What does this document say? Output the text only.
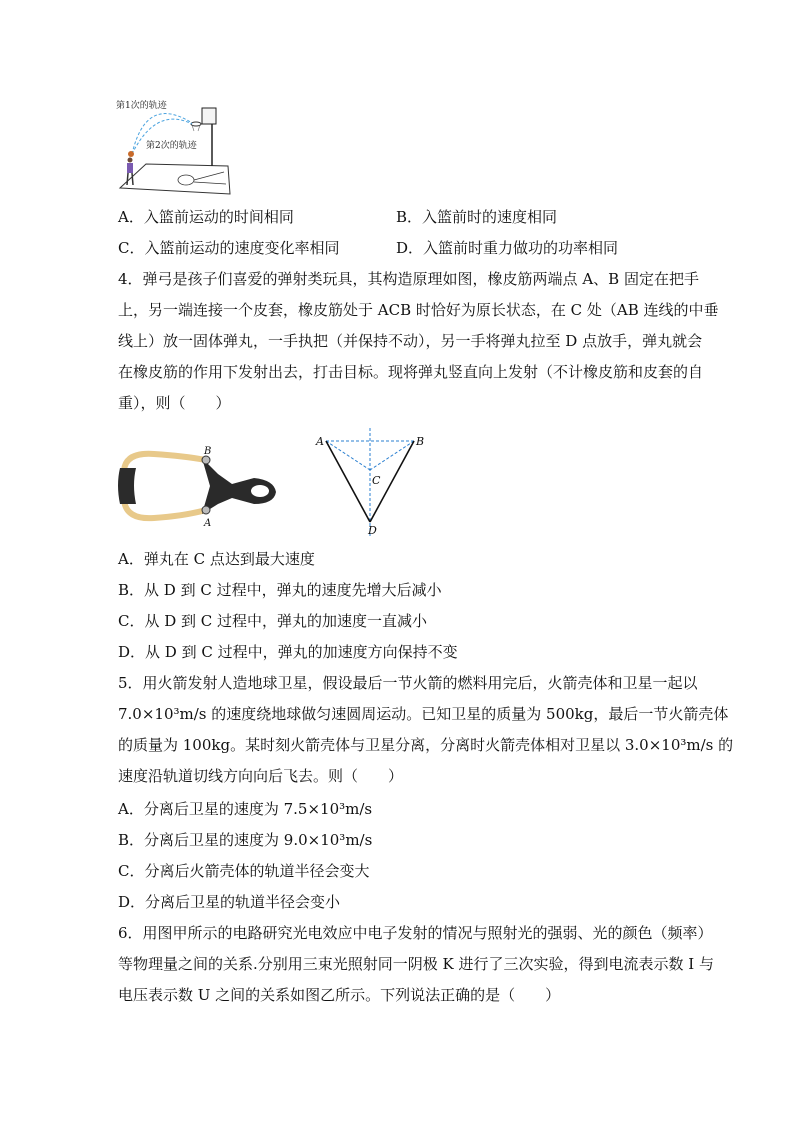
第1次的轨迹
第2次的轨迹
A．入篮前运动的时间相同	B．入篮前时的速度相同
C．入篮前运动的速度变化率相同	D．入篮前时重力做功的功率相同
4．弹弓是孩子们喜爱的弹射类玩具，其构造原理如图，橡皮筋两端点 A、B 固定在把手
上，另一端连接一个皮套，橡皮筋处于 ACB 时恰好为原长状态，在 C 处（AB 连线的中垂
线上）放一固体弹丸，一手执把（并保持不动），另一手将弹丸拉至 D 点放手，弹丸就会
在橡皮筋的作用下发射出去，打击目标。现将弹丸竖直向上发射（不计橡皮筋和皮套的自
重），则（　　）
B
A
A	B
C
D
A．弹丸在 C 点达到最大速度
B．从 D 到 C 过程中，弹丸的速度先增大后减小
C．从 D 到 C 过程中，弹丸的加速度一直减小
D．从 D 到 C 过程中，弹丸的加速度方向保持不变
5．用火箭发射人造地球卫星，假设最后一节火箭的燃料用完后，火箭壳体和卫星一起以
7.0×10³m/s 的速度绕地球做匀速圆周运动。已知卫星的质量为 500kg，最后一节火箭壳体
的质量为 100kg。某时刻火箭壳体与卫星分离，分离时火箭壳体相对卫星以 3.0×10³m/s 的
速度沿轨道切线方向向后飞去。则（　　）
A．分离后卫星的速度为 7.5×10³m/s
B．分离后卫星的速度为 9.0×10³m/s
C．分离后火箭壳体的轨道半径会变大
D．分离后卫星的轨道半径会变小
6．用图甲所示的电路研究光电效应中电子发射的情况与照射光的强弱、光的颜色（频率）
等物理量之间的关系.分别用三束光照射同一阴极 K 进行了三次实验，得到电流表示数 I 与
电压表示数 U 之间的关系如图乙所示。下列说法正确的是（　　）
